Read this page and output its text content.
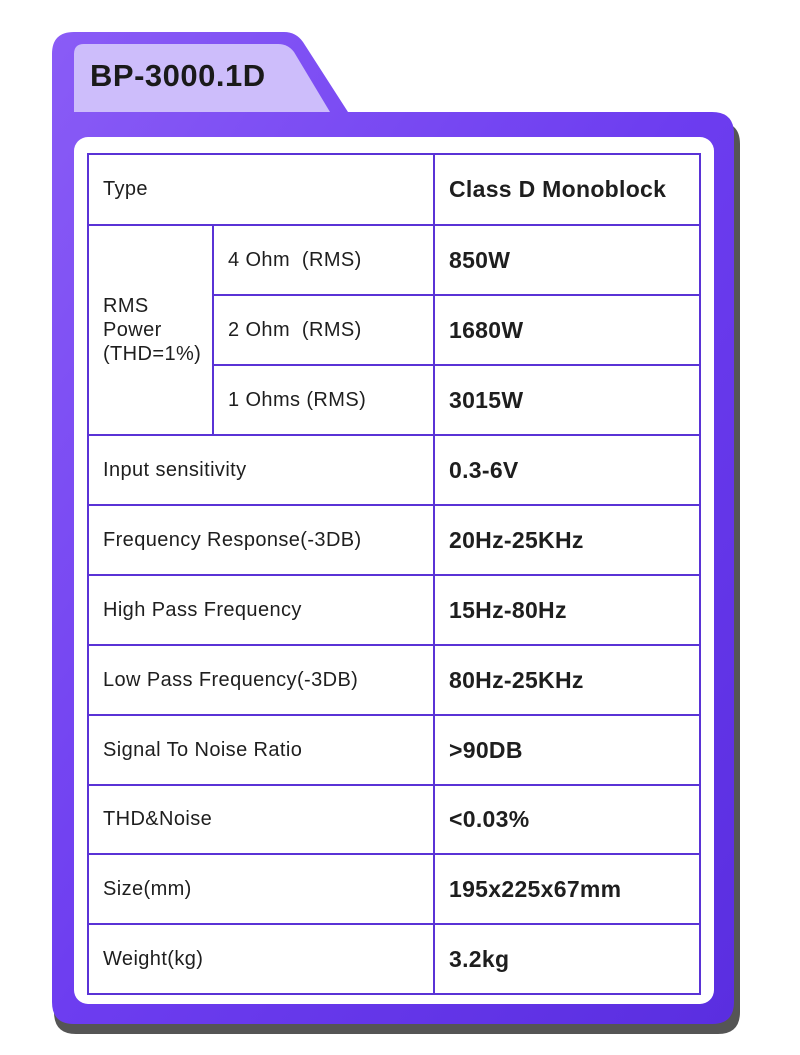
BP-3000.1D
Type		Class D Monoblock
RMS
Power
(THD=1%)	4 Ohm  (RMS)	850W
	2 Ohm  (RMS)	1680W
	1 Ohms (RMS)	3015W
Input sensitivity		0.3-6V
Frequency Response(-3DB)		20Hz-25KHz
High Pass Frequency		15Hz-80Hz
Low Pass Frequency(-3DB)		80Hz-25KHz
Signal To Noise Ratio		>90DB
THD&Noise		<0.03%
Size(mm)		195x225x67mm
Weight(kg)		3.2kg
